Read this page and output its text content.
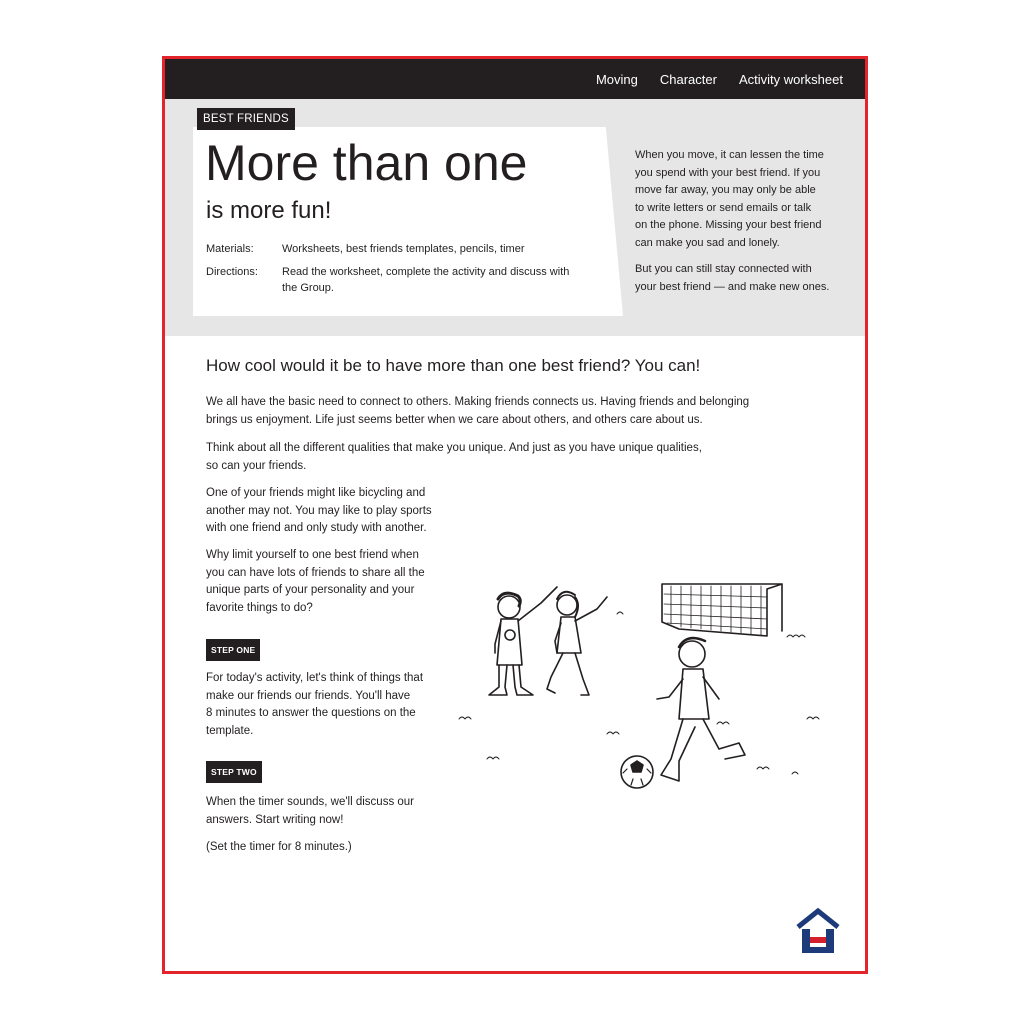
Moving Character Activity worksheet
BEST FRIENDS
More than one
is more fun!
Materials:	Worksheets, best friends templates, pencils, timer
Directions: Read the worksheet, complete the activity and discuss with
the Group.

When you move, it can lessen the time
you spend with your best friend. If you
move far away, you may only be able
to write letters or send emails or talk
on the phone. Missing your best friend
can make you sad and lonely.

But you can still stay connected with
your best friend — and make new ones.

How cool would it be to have more than one best friend? You can!

We all have the basic need to connect to others. Making friends connects us. Having friends and belonging
brings us enjoyment. Life just seems better when we care about others, and others care about us.

Think about all the different qualities that make you unique. And just as you have unique qualities,
so can your friends.

One of your friends might like bicycling and
another may not. You may like to play sports
with one friend and only study with another.

Why limit yourself to one best friend when
you can have lots of friends to share all the
unique parts of your personality and your
favorite things to do?

STEP ONE

For today's activity, let's think of things that
make our friends our friends. You'll have
8 minutes to answer the questions on the
template.

STEP TWO

When the timer sounds, we'll discuss our
answers. Start writing now!

(Set the timer for 8 minutes.)
